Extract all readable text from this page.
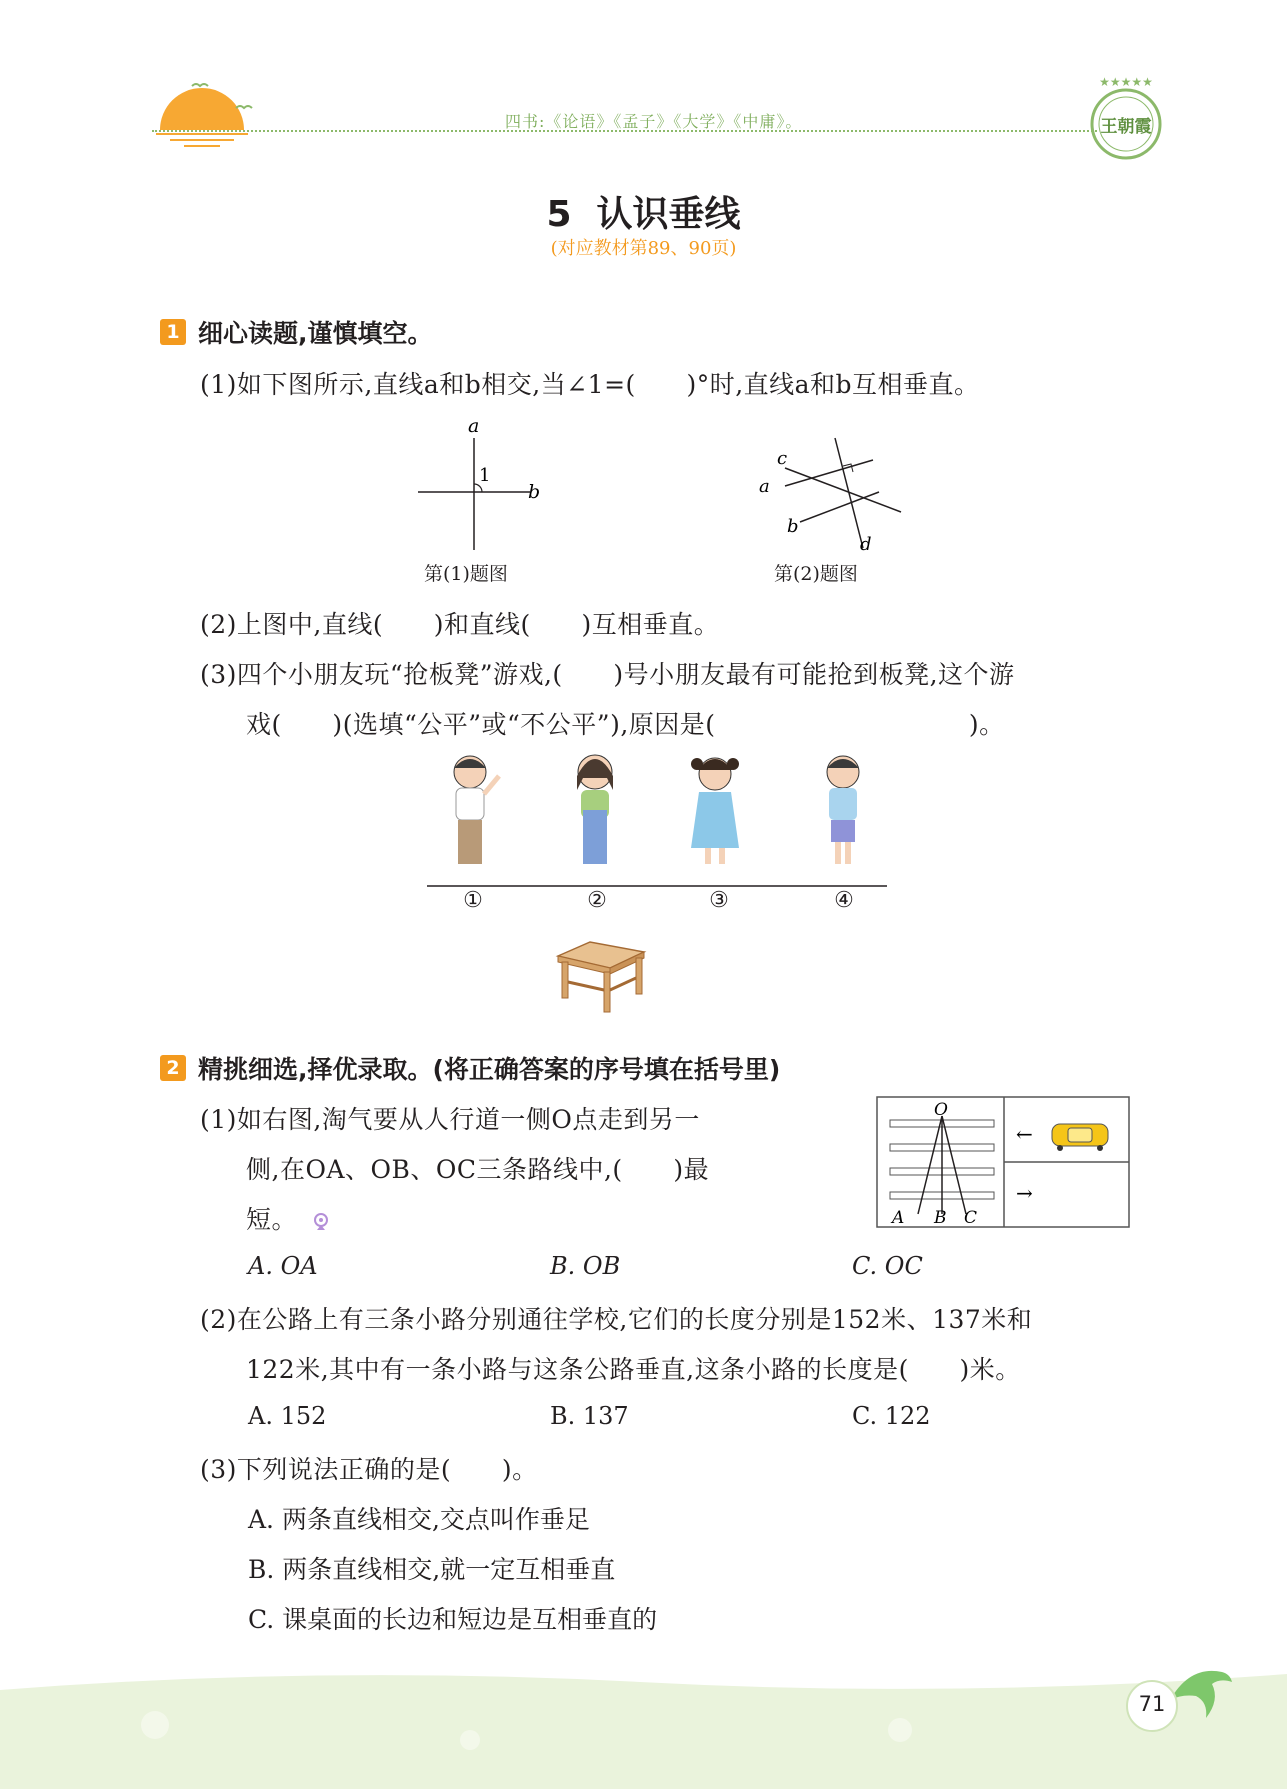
四书:《论语》《孟子》《大学》《中庸》。
★★★★★
王朝霞
5  认识垂线
(对应教材第89、90页)
1 细心读题,谨慎填空。
(1)如下图所示,直线a和b相交,当∠1=(      )°时,直线a和b互相垂直。
a
1
b
第(1)题图
c
a
b
d
第(2)题图
(2)上图中,直线(      )和直线(      )互相垂直。
(3)四个小朋友玩“抢板凳”游戏,(      )号小朋友最有可能抢到板凳,这个游
戏(      )(选填“公平”或“不公平”),原因是(                              )。
①	②	③	④
2 精挑细选,择优录取。(将正确答案的序号填在括号里)
(1)如右图,淘气要从人行道一侧O点走到另一
侧,在OA、OB、OC三条路线中,(      )最
短。
O
A B C
←
→
A. OA	B. OB	C. OC
(2)在公路上有三条小路分别通往学校,它们的长度分别是152米、137米和
122米,其中有一条小路与这条公路垂直,这条小路的长度是(      )米。
A. 152	B. 137	C. 122
(3)下列说法正确的是(      )。
A. 两条直线相交,交点叫作垂足
B. 两条直线相交,就一定互相垂直
C. 课桌面的长边和短边是互相垂直的
71
